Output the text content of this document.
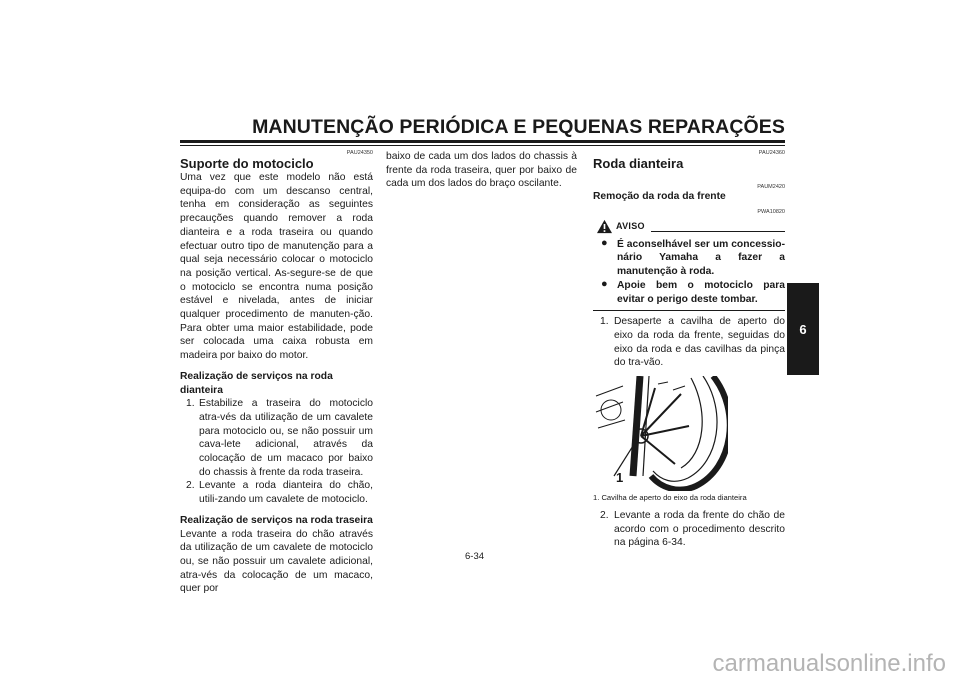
MANUTENÇÃO PERIÓDICA E PEQUENAS REPARAÇÕES
6
PAU24350
Suporte do motociclo

Uma vez que este modelo não está equipa-do com um descanso central, tenha em consideração as seguintes precauções quando remover a roda dianteira e a roda traseira ou quando efectuar outro tipo de manutenção para a qual seja necessário colocar o motociclo na posição vertical. As-segure-se de que o motociclo se encontra numa posição estável e nivelada, antes de iniciar qualquer procedimento de manuten-ção. Para obter uma maior estabilidade, pode ser colocada uma caixa robusta em madeira por baixo do motor.

Realização de serviços na roda dianteira
1. Estabilize a traseira do motociclo atra-vés da utilização de um cavalete para motociclo ou, se não possuir um cava-lete adicional, através da colocação de um macaco por baixo do chassis à frente da roda traseira.
2. Levante a roda dianteira do chão, utili-zando um cavalete de motociclo.
Realização de serviços na roda traseira

Levante a roda traseira do chão através da utilização de um cavalete de motociclo ou, se não possuir um cavalete adicional, atra-vés da colocação de um macaco, quer por

baixo de cada um dos lados do chassis à frente da roda traseira, quer por baixo de cada um dos lados do braço oscilante.

PAU24360
Roda dianteira
PAUM2420
Remoção da roda da frente
PWA10820
AVISO
● É aconselhável ser um concessio-nário Yamaha a fazer a manutenção à roda.
● Apoie bem o motociclo para evitar o perigo deste tombar.
1. Desaperte a cavilha de aperto do eixo da roda da frente, seguidas do eixo da roda e das cavilhas da pinça do tra-vão.
1
1. Cavilha de aperto do eixo da roda dianteira
2. Levante a roda da frente do chão de acordo com o procedimento descrito na página 6-34.
6-34
carmanualsonline.info
